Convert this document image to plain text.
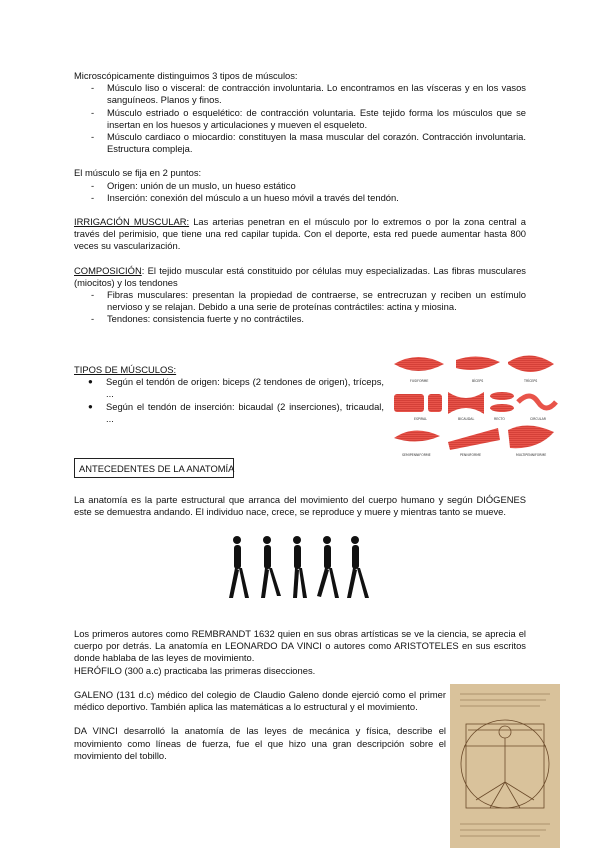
Microscópicamente distinguimos 3 tipos de músculos:

- Músculo liso o visceral: de contracción involuntaria. Lo encontramos en las vísceras y en los vasos sanguíneos. Planos y finos.
- Músculo estriado o esquelético: de contracción voluntaria. Este tejido forma los músculos que se insertan en los huesos y articulaciones y mueven el esqueleto.
- Músculo cardiaco o miocardio: constituyen la masa muscular del corazón. Contracción involuntaria. Estructura compleja.

El músculo se fija en 2 puntos:

- Origen: unión de un muslo, un hueso estático
- Inserción: conexión del músculo a un hueso móvil a través del tendón.

IRRIGACIÓN MUSCULAR: Las arterias penetran en el músculo por lo extremos o por la zona central a través del perimisio, que tiene una red capilar tupida. Con el deporte, esta red puede aumentar hasta 800 veces su vascularización.

COMPOSICIÓN: El tejido muscular está constituido por células muy especializadas. Las fibras musculares (miocitos) y los tendones

- Fibras musculares: presentan la propiedad de contraerse, se entrecruzan y reciben un estímulo nervioso y se relajan. Debido a una serie de proteínas contráctiles: actina y miosina.
- Tendones: consistencia fuerte y no contráctiles.

TIPOS DE MÚSCULOS:

● Según el tendón de origen: biceps (2 tendones de origen), tríceps, ...
● Según el tendón de inserción: bicaudal (2 inserciones), tricaudal, ...
FUSIFORME	BÍCEPS	TRÍCEPS
ESPIRAL	BICAUDAL	RECTO	CIRCULAR
SEMIPENNIFORME	PENNIFORME	MULTIPENNIFORME
ANTECEDENTES DE LA ANATOMÍA

La anatomía es la parte estructural que arranca del movimiento del cuerpo humano y según DIÓGENES este se demuestra andando. El individuo nace, crece, se reproduce y muere y mientras tanto se mueve.

Los primeros autores como REMBRANDT 1632 quien en sus obras artísticas se ve la ciencia, se aprecia el cuerpo por detrás. La anatomía en LEONARDO DA VINCI o autores como ARISTOTELES en sus escritos donde hablaba de las leyes de movimiento.

HERÓFILO (300 a.c) practicaba las primeras disecciones.

GALENO (131 d.c) médico del colegio de Claudio Galeno donde ejerció como el primer médico deportivo. También aplica las matemáticas a lo estructural y el movimiento.

DA VINCI desarrolló la anatomía de las leyes de mecánica y física, describe el movimiento como líneas de fuerza, fue el que hizo una gran descripción sobre el movimiento del tobillo.
